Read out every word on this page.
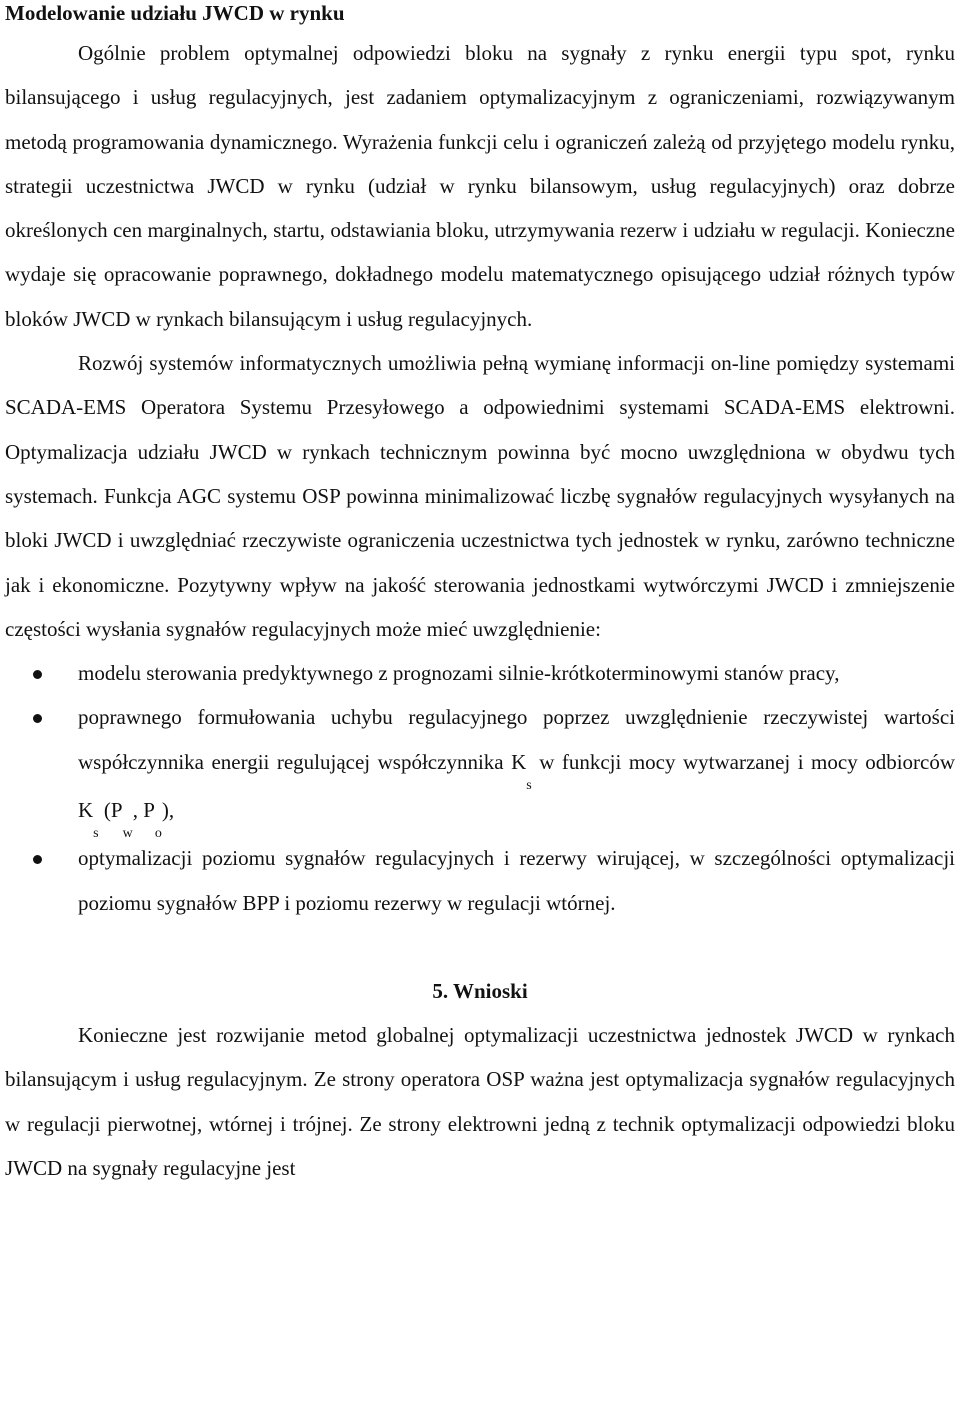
Modelowanie udziału JWCD w rynku

Ogólnie problem optymalnej odpowiedzi bloku na sygnały z rynku energii typu spot, rynku bilansującego i usług regulacyjnych, jest zadaniem optymalizacyjnym z ograniczeniami, rozwiązywanym metodą programowania dynamicznego. Wyrażenia funkcji celu i ograniczeń zależą od przyjętego modelu rynku, strategii uczestnictwa JWCD w rynku (udział w rynku bilansowym, usług regulacyjnych) oraz dobrze określonych cen marginalnych, startu, odstawiania bloku, utrzymywania rezerw i udziału w regulacji. Konieczne wydaje się opracowanie poprawnego, dokładnego modelu matematycznego opisującego udział różnych typów bloków JWCD w rynkach bilansującym i usług regulacyjnych.

Rozwój systemów informatycznych umożliwia pełną wymianę informacji on-line pomiędzy systemami SCADA-EMS Operatora Systemu Przesyłowego a odpowiednimi systemami SCADA-EMS elektrowni. Optymalizacja udziału JWCD w rynkach technicznym powinna być mocno uwzględniona w obydwu tych systemach. Funkcja AGC systemu OSP powinna minimalizować liczbę sygnałów regulacyjnych wysyłanych na bloki JWCD i uwzględniać rzeczywiste ograniczenia uczestnictwa tych jednostek w rynku, zarówno techniczne jak i ekonomiczne. Pozytywny wpływ na jakość sterowania jednostkami wytwórczymi JWCD i zmniejszenie częstości wysłania sygnałów regulacyjnych może mieć uwzględnienie:

modelu sterowania predyktywnego z prognozami silnie-krótkoterminowymi stanów pracy,
poprawnego formułowania uchybu regulacyjnego poprzez uwzględnienie rzeczywistej wartości współczynnika energii regulującej współczynnika $K_s$ w funkcji mocy wytwarzanej i mocy odbiorców $K_s$ ($P_w$, $P_o$),
optymalizacji poziomu sygnałów regulacyjnych i rezerwy wirującej, w szczególności optymalizacji poziomu sygnałów BPP i poziomu rezerwy w regulacji wtórnej.
5. Wnioski

Konieczne jest rozwijanie metod globalnej optymalizacji uczestnictwa jednostek JWCD w rynkach bilansującym i usług regulacyjnym. Ze strony operatora OSP ważna jest optymalizacja sygnałów regulacyjnych w regulacji pierwotnej, wtórnej i trójnej. Ze strony elektrowni jedną z technik optymalizacji odpowiedzi bloku JWCD na sygnały regulacyjne jest
